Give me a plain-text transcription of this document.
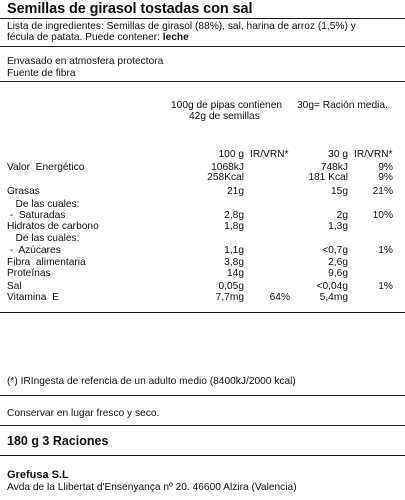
Semillas de girasol tostadas con sal
Lista de ingredientes: Semillas de girasol (88%), sal, harina de arroz (1,5%) y
fécula de patata. Puede contener: leche
Envasado en atmosfera protectora
Fuente de fibra
100g de pipas contienen
42g de semillas
30g= Ración media.
100 g IR/VRN*	30 g IR/VRN*
Valor  Energético	1068kJ	748kJ	9%
258Kcal	181 Kcal	9%
Grasas	21g	15g	21%
De las cuales:
-  Saturadas	2,8g	2g	10%
Hidratos de carbono	1,8g	1,3g
De las cuales:
-  Azúcares	1,1g	<0,7g	1%
Fibra  alimentaria	3,8g	2,6g
Proteínas	14g	9,6g
Sal	0,05g	<0,04g	1%
Vitamina  E	7,7mg	64%	5,4mg
(*) IRIngesta de refencia de un adulto medio (8400kJ/2000 kcal)
Conservar en lugar fresco y seco.
180 g 3 Raciones
Grefusa S.L
Avda de la Llibertat d'Ensenyança nº 20. 46600 Alzira (Valencia)
